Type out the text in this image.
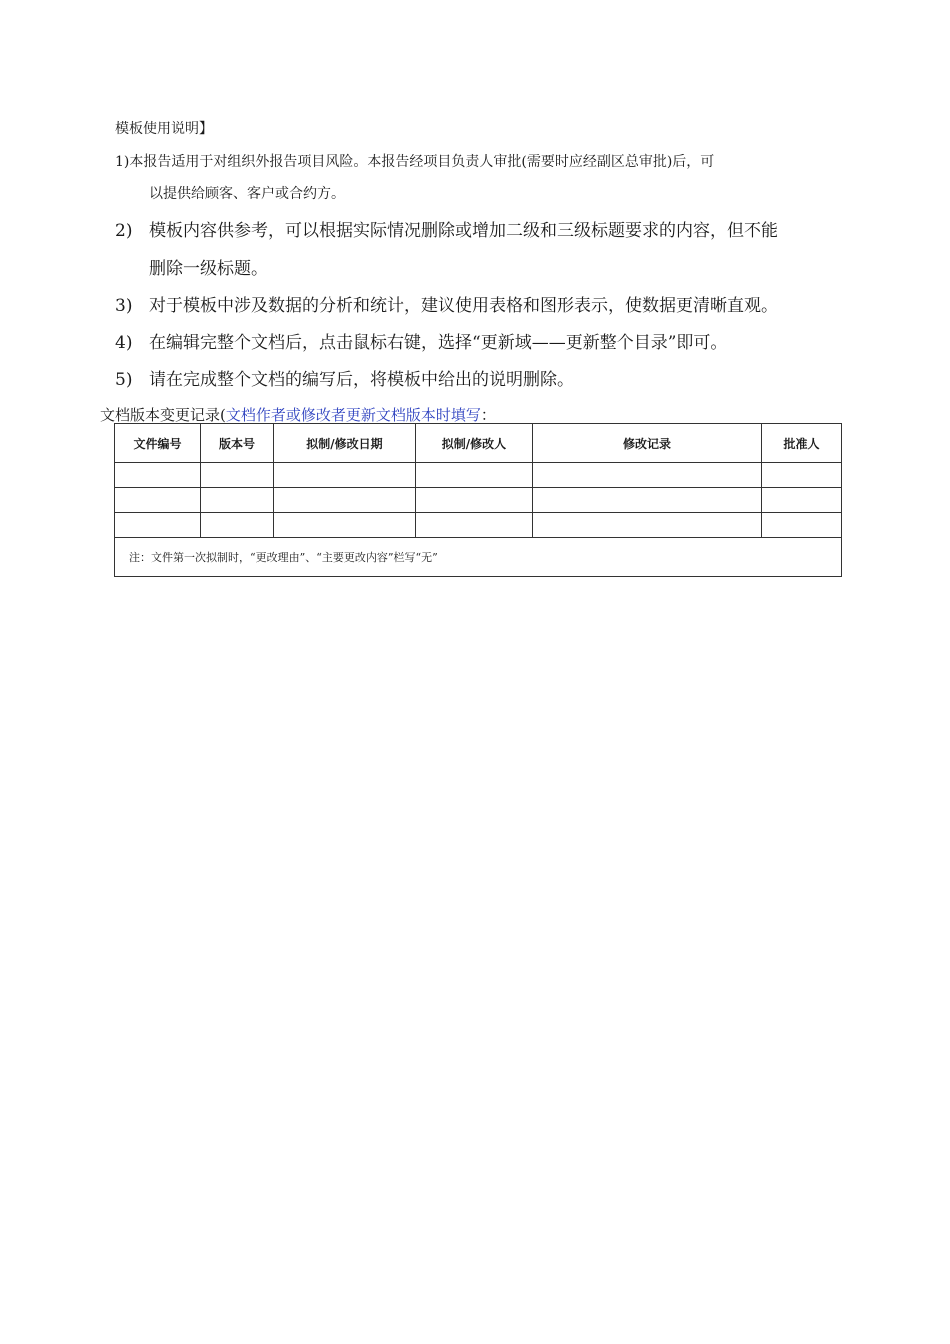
模板使用说明】
1)本报告适用于对组织外报告项目风险。本报告经项目负责人审批(需要时应经副区总审批)后，可
以提供给顾客、客户或合约方。
2) 模板内容供参考，可以根据实际情况删除或增加二级和三级标题要求的内容，但不能
删除一级标题。
3) 对于模板中涉及数据的分析和统计，建议使用表格和图形表示，使数据更清晰直观。
4) 在编辑完整个文档后，点击鼠标右键，选择“更新域——更新整个目录”即可。
5) 请在完成整个文档的编写后，将模板中给出的说明删除。
文档版本变更记录(文档作者或修改者更新文档版本时填写：
文件编号	版本号	拟制/修改日期	拟制/修改人	修改记录	批准人

注：文件第一次拟制时，“更改理由”、“主要更改内容”栏写“无”					
